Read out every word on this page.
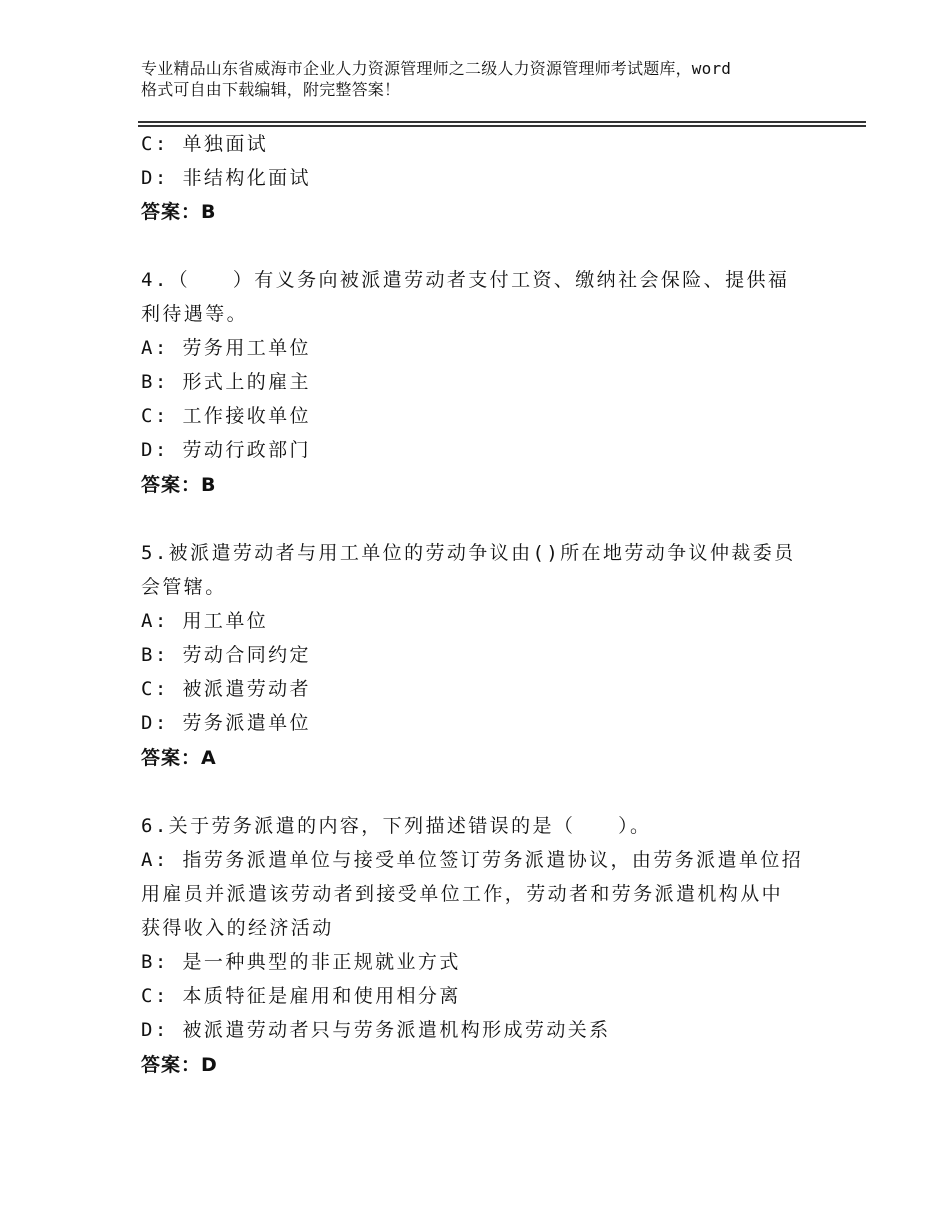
专业精品山东省威海市企业人力资源管理师之二级人力资源管理师考试题库，word
格式可自由下载编辑，附完整答案！
C: 单独面试
D: 非结构化面试
答案：B
4.（　　）有义务向被派遣劳动者支付工资、缴纳社会保险、提供福
利待遇等。
A: 劳务用工单位
B: 形式上的雇主
C: 工作接收单位
D: 劳动行政部门
答案：B
5.被派遣劳动者与用工单位的劳动争议由()所在地劳动争议仲裁委员
会管辖。
A: 用工单位
B: 劳动合同约定
C: 被派遣劳动者
D: 劳务派遣单位
答案：A
6.关于劳务派遣的内容，下列描述错误的是（　　）。
A: 指劳务派遣单位与接受单位签订劳务派遣协议，由劳务派遣单位招
用雇员并派遣该劳动者到接受单位工作，劳动者和劳务派遣机构从中
获得收入的经济活动
B: 是一种典型的非正规就业方式
C: 本质特征是雇用和使用相分离
D: 被派遣劳动者只与劳务派遣机构形成劳动关系
答案：D
